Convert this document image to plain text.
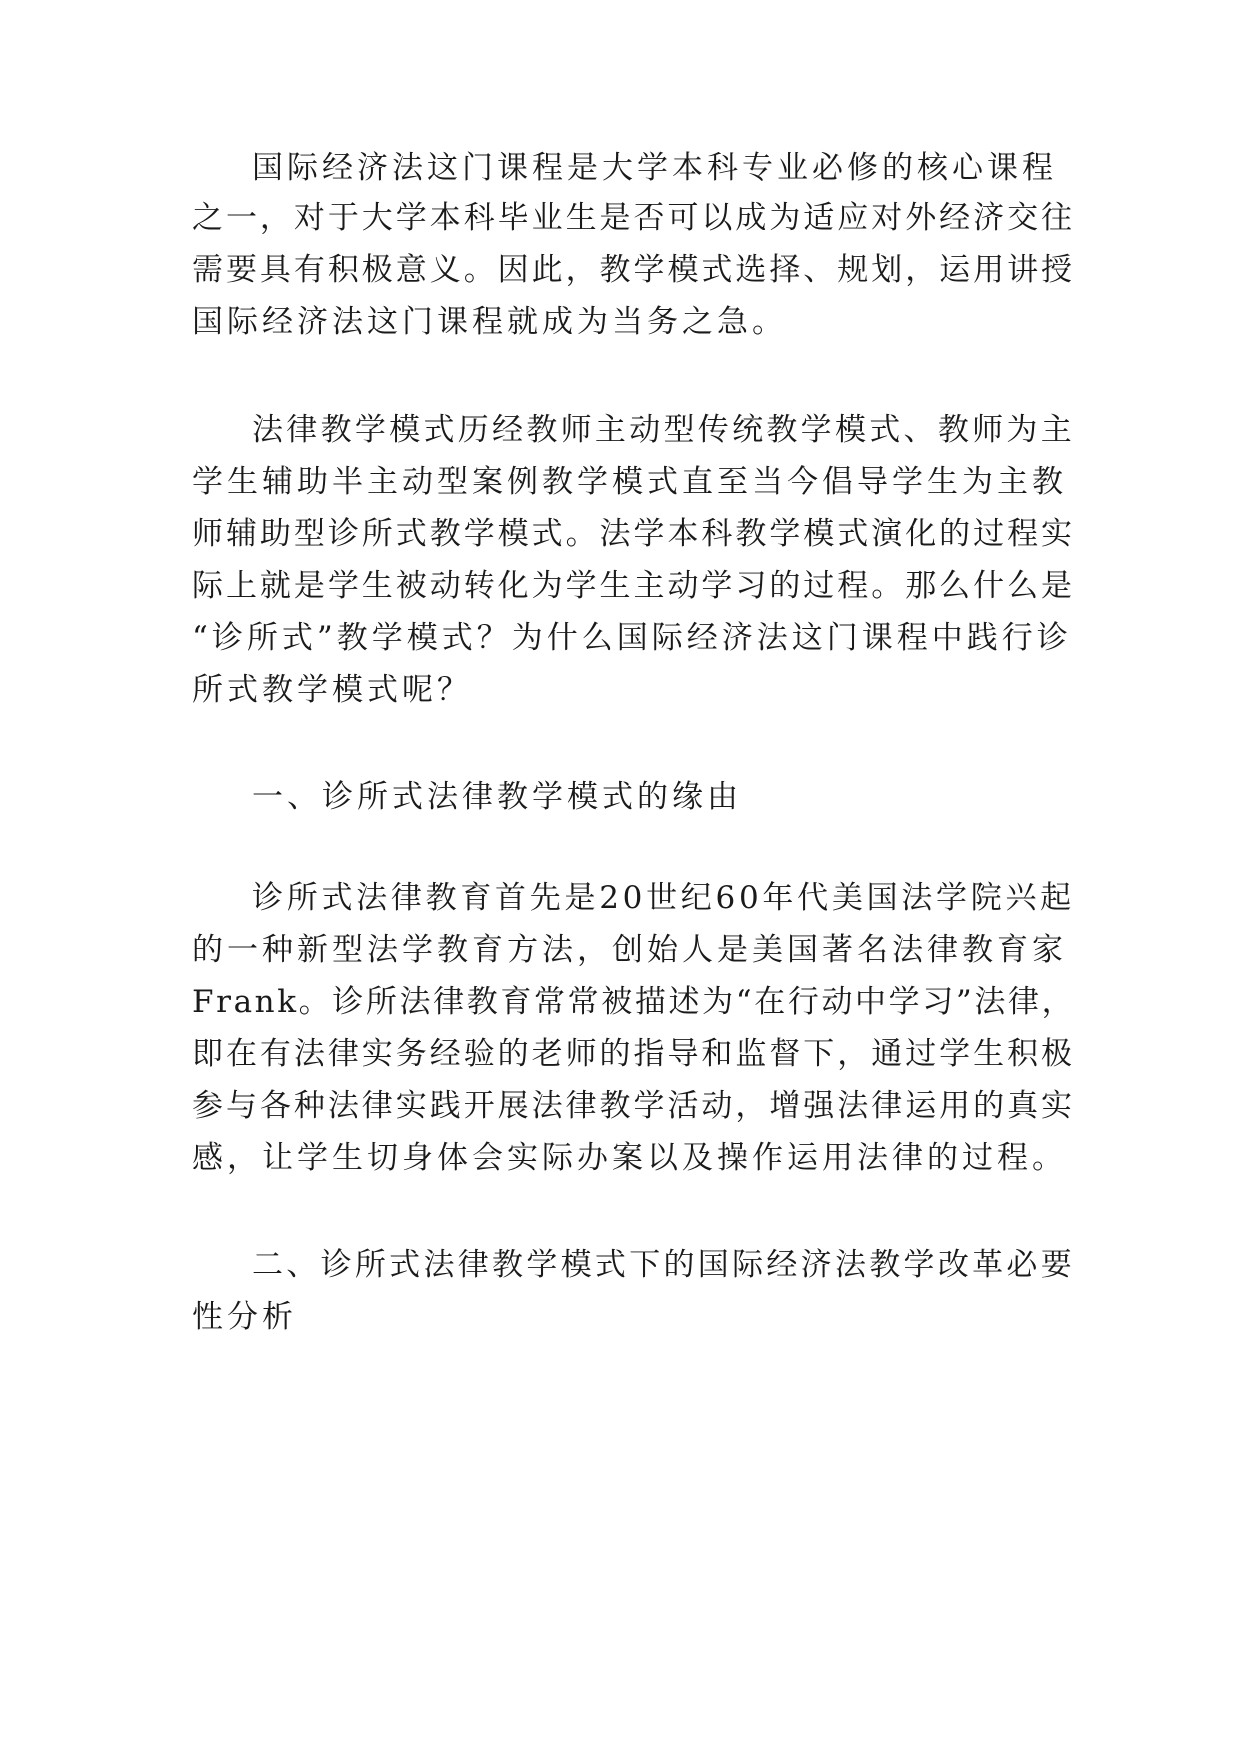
国际经济法这门课程是大学本科专业必修的核心课程
之一，对于大学本科毕业生是否可以成为适应对外经济交往
需要具有积极意义。因此，教学模式选择、规划，运用讲授
国际经济法这门课程就成为当务之急。
法律教学模式历经教师主动型传统教学模式、教师为主
学生辅助半主动型案例教学模式直至当今倡导学生为主教
师辅助型诊所式教学模式。法学本科教学模式演化的过程实
际上就是学生被动转化为学生主动学习的过程。那么什么是
“诊所式”教学模式？为什么国际经济法这门课程中践行诊
所式教学模式呢？
一、诊所式法律教学模式的缘由
诊所式法律教育首先是20世纪60年代美国法学院兴起
的一种新型法学教育方法，创始人是美国著名法律教育家
Frank。诊所法律教育常常被描述为“在行动中学习”法律，
即在有法律实务经验的老师的指导和监督下，通过学生积极
参与各种法律实践开展法律教学活动，增强法律运用的真实
感，让学生切身体会实际办案以及操作运用法律的过程。
二、诊所式法律教学模式下的国际经济法教学改革必要
性分析
